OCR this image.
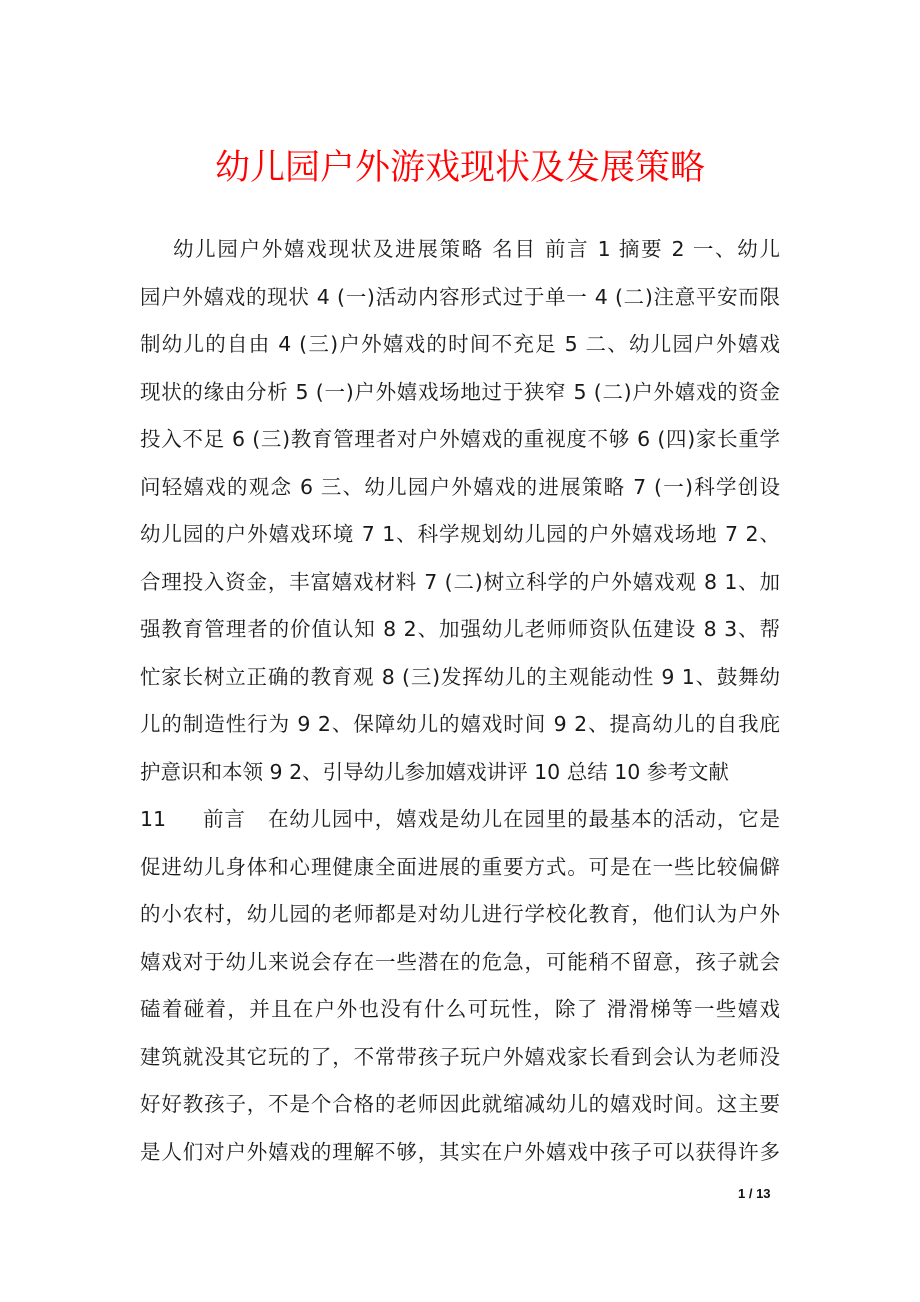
幼儿园户外游戏现状及发展策略
幼儿园户外嬉戏现状及进展策略 名目 前言 1 摘要 2 一、幼儿
园户外嬉戏的现状 4 (一)活动内容形式过于单一 4 (二)注意平安而限
制幼儿的自由 4 (三)户外嬉戏的时间不充足 5 二、幼儿园户外嬉戏
现状的缘由分析 5 (一)户外嬉戏场地过于狭窄 5 (二)户外嬉戏的资金
投入不足 6 (三)教育管理者对户外嬉戏的重视度不够 6 (四)家长重学
问轻嬉戏的观念 6 三、幼儿园户外嬉戏的进展策略 7 (一)科学创设
幼儿园的户外嬉戏环境 7 1、科学规划幼儿园的户外嬉戏场地 7 2、
合理投入资金，丰富嬉戏材料 7 (二)树立科学的户外嬉戏观 8 1、加
强教育管理者的价值认知 8 2、加强幼儿老师师资队伍建设 8 3、帮
忙家长树立正确的教育观 8 (三)发挥幼儿的主观能动性 9 1、鼓舞幼
儿的制造性行为 9 2、保障幼儿的嬉戏时间 9 2、提高幼儿的自我庇
护意识和本领 9 2、引导幼儿参加嬉戏讲评 10 总结 10 参考文献
11     前言   在幼儿园中，嬉戏是幼儿在园里的最基本的活动，它是
促进幼儿身体和心理健康全面进展的重要方式。可是在一些比较偏僻
的小农村，幼儿园的老师都是对幼儿进行学校化教育，他们认为户外
嬉戏对于幼儿来说会存在一些潜在的危急，可能稍不留意，孩子就会
磕着碰着，并且在户外也没有什么可玩性，除了 滑滑梯等一些嬉戏
建筑就没其它玩的了，不常带孩子玩户外嬉戏家长看到会认为老师没
好好教孩子，不是个合格的老师因此就缩减幼儿的嬉戏时间。这主要
是人们对户外嬉戏的理解不够，其实在户外嬉戏中孩子可以获得许多
1 / 13
